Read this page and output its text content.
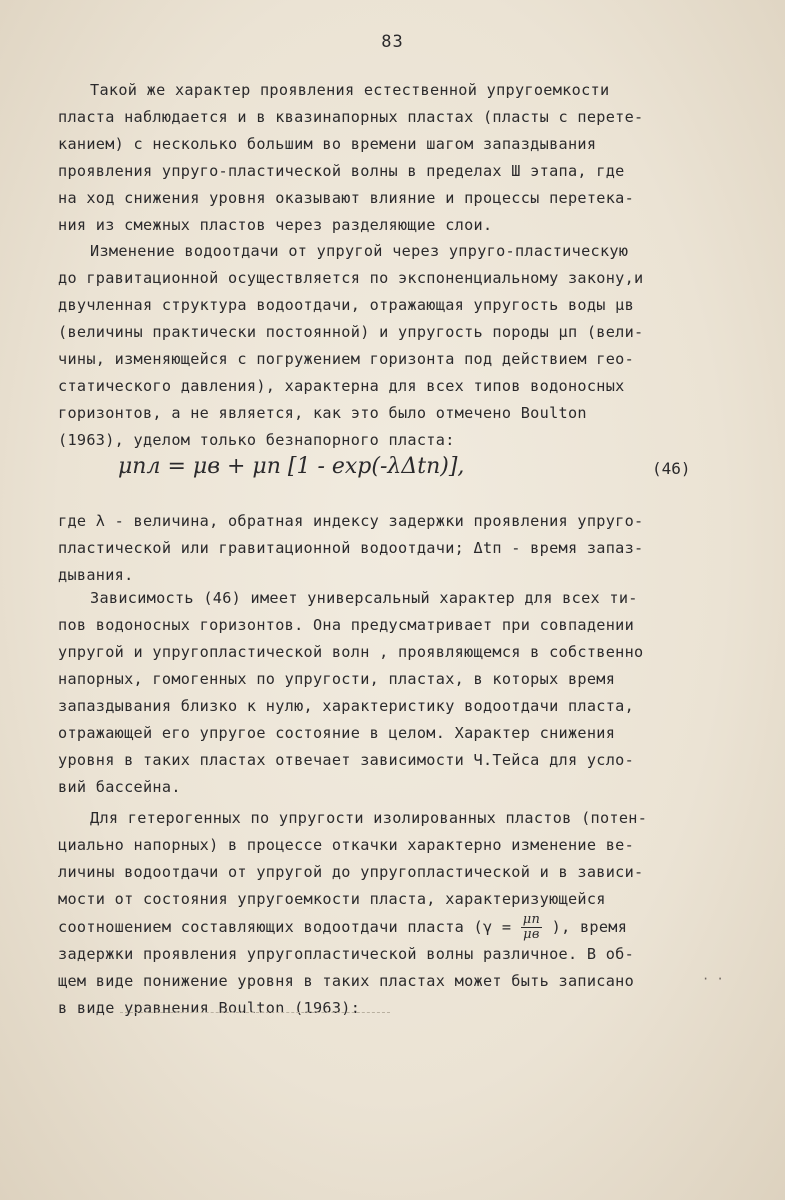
83
Такой же характер проявления естественной упругоемкости
пласта наблюдается и в квазинапорных пластах (пласты с перете-
канием) с несколько большим во времени шагом запаздывания
проявления упруго-пластической волны в пределах Ш этапа, где
на ход снижения уровня оказывают влияние и процессы перетека-
ния из смежных пластов через разделяющие слои.
Изменение водоотдачи от упругой через упруго-пластическую
до гравитационной осуществляется по экспоненциальному закону,и
двучленная структура водоотдачи, отражающая упругость воды μв
(величины практически постоянной) и упругость породы μп (вели-
чины, изменяющейся с погружением горизонта под действием гео-
статического давления), характерна для всех типов водоносных
горизонтов, а не является, как это было отмечено Boulton
(1963), уделом только безнапорного пласта:
μпл = μв + μп [1 - exp(-λΔtп)],	(46)
где λ - величина, обратная индексу задержки проявления упруго-
пластической или гравитационной водоотдачи; Δtп - время запаз-
дывания.
Зависимость (46) имеет универсальный характер для всех ти-
пов водоносных горизонтов. Она предусматривает при совпадении
упругой и упругопластической волн , проявляющемся в собственно
напорных, гомогенных по упругости, пластах, в которых время
запаздывания близко к нулю, характеристику водоотдачи пласта,
отражающей его упругое состояние в целом. Характер снижения
уровня в таких пластах отвечает зависимости Ч.Тейса для усло-
вий бассейна.
Для гетерогенных по упругости изолированных пластов (потен-
циально напорных) в процессе откачки характерно изменение ве-
личины водоотдачи от упругой до упругопластической и в зависи-
мости от состояния упругоемкости пласта, характеризующейся
соотношением составляющих водоотдачи пласта ($\gamma = \frac{\mu п}{\mu в}$ ), время
задержки проявления упругопластической волны различное. В об-
щем виде понижение уровня в таких пластах может быть записано
в виде уравнения Boulton (1963):
· ·
